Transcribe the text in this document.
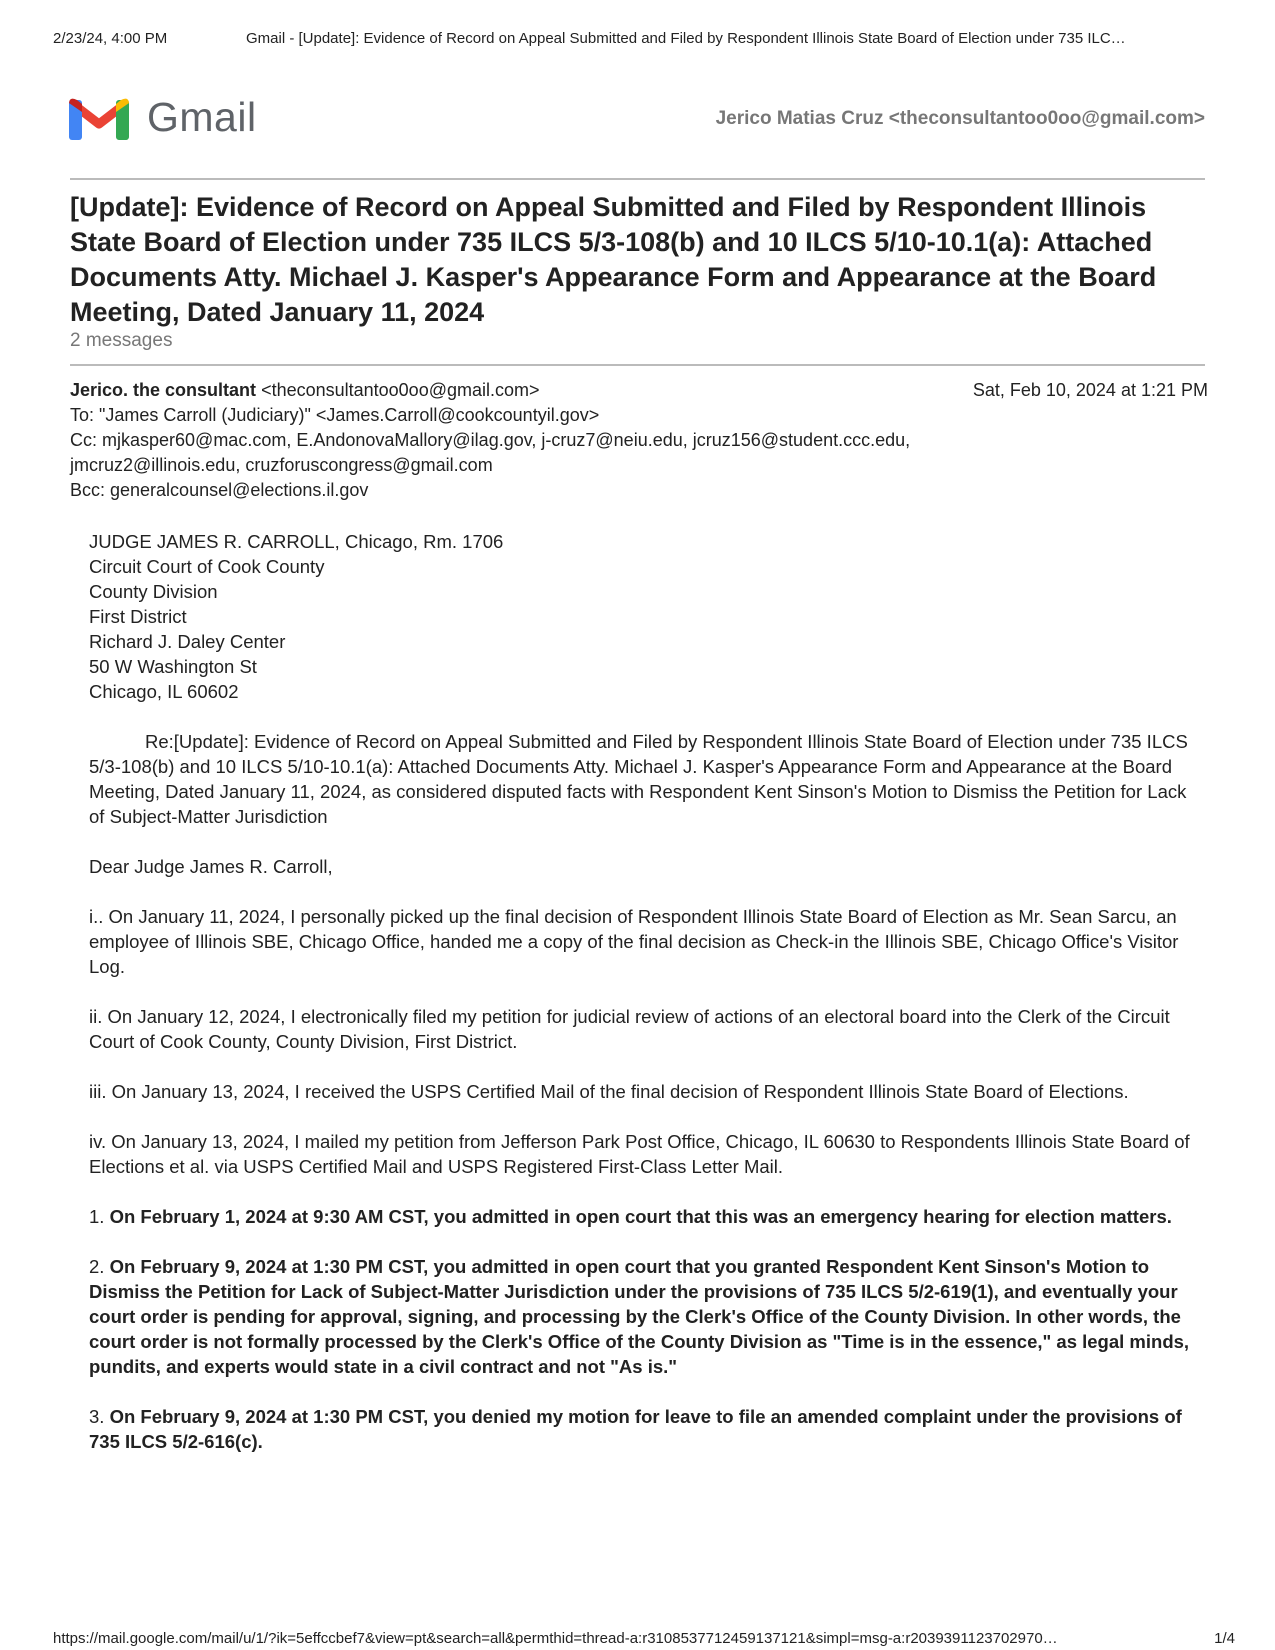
2/23/24, 4:00 PM	Gmail - [Update]: Evidence of Record on Appeal Submitted and Filed by Respondent Illinois State Board of Election under 735 ILC…
Gmail	Jerico Matias Cruz <theconsultantoo0oo@gmail.com>
[Update]: Evidence of Record on Appeal Submitted and Filed by Respondent Illinois State Board of Election under 735 ILCS 5/3-108(b) and 10 ILCS 5/10-10.1(a): Attached Documents Atty. Michael J. Kasper's Appearance Form and Appearance at the Board Meeting, Dated January 11, 2024
2 messages
Jerico. the consultant <theconsultantoo0oo@gmail.com>	Sat, Feb 10, 2024 at 1:21 PM
To: "James Carroll (Judiciary)" <James.Carroll@cookcountyil.gov>
Cc: mjkasper60@mac.com, E.AndonovaMallory@ilag.gov, j-cruz7@neiu.edu, jcruz156@student.ccc.edu,
jmcruz2@illinois.edu, cruzforuscongress@gmail.com
Bcc: generalcounsel@elections.il.gov
JUDGE JAMES R. CARROLL, Chicago, Rm. 1706
Circuit Court of Cook County
County Division
First District
Richard J. Daley Center
50 W Washington St
Chicago, IL 60602

Re:[Update]: Evidence of Record on Appeal Submitted and Filed by Respondent Illinois State Board of Election under 735 ILCS 5/3-108(b) and 10 ILCS 5/10-10.1(a): Attached Documents Atty. Michael J. Kasper's Appearance Form and Appearance at the Board Meeting, Dated January 11, 2024, as considered disputed facts with Respondent Kent Sinson's Motion to Dismiss the Petition for Lack of Subject-Matter Jurisdiction

Dear Judge James R. Carroll,

i.. On January 11, 2024, I personally picked up the final decision of Respondent Illinois State Board of Election as Mr. Sean Sarcu, an employee of Illinois SBE, Chicago Office, handed me a copy of the final decision as Check-in the Illinois SBE, Chicago Office's Visitor Log.

ii. On January 12, 2024, I electronically filed my petition for judicial review of actions of an electoral board into the Clerk of the Circuit Court of Cook County, County Division, First District.

iii. On January 13, 2024, I received the USPS Certified Mail of the final decision of Respondent Illinois State Board of Elections.

iv. On January 13, 2024, I mailed my petition from Jefferson Park Post Office, Chicago, IL 60630 to Respondents Illinois State Board of Elections et al. via USPS Certified Mail and USPS Registered First-Class Letter Mail.

1. On February 1, 2024 at 9:30 AM CST, you admitted in open court that this was an emergency hearing for election matters.

2. On February 9, 2024 at 1:30 PM CST, you admitted in open court that you granted Respondent Kent Sinson's Motion to Dismiss the Petition for Lack of Subject-Matter Jurisdiction under the provisions of 735 ILCS 5/2-619(1), and eventually your court order is pending for approval, signing, and processing by the Clerk's Office of the County Division. In other words, the court order is not formally processed by the Clerk's Office of the County Division as "Time is in the essence," as legal minds, pundits, and experts would state in a civil contract and not "As is."

3. On February 9, 2024 at 1:30 PM CST, you denied my motion for leave to file an amended complaint under the provisions of 735 ILCS 5/2-616(c).

https://mail.google.com/mail/u/1/?ik=5effccbef7&view=pt&search=all&permthid=thread-a:r3108537712459137121&simpl=msg-a:r2039391123702970…	1/4
